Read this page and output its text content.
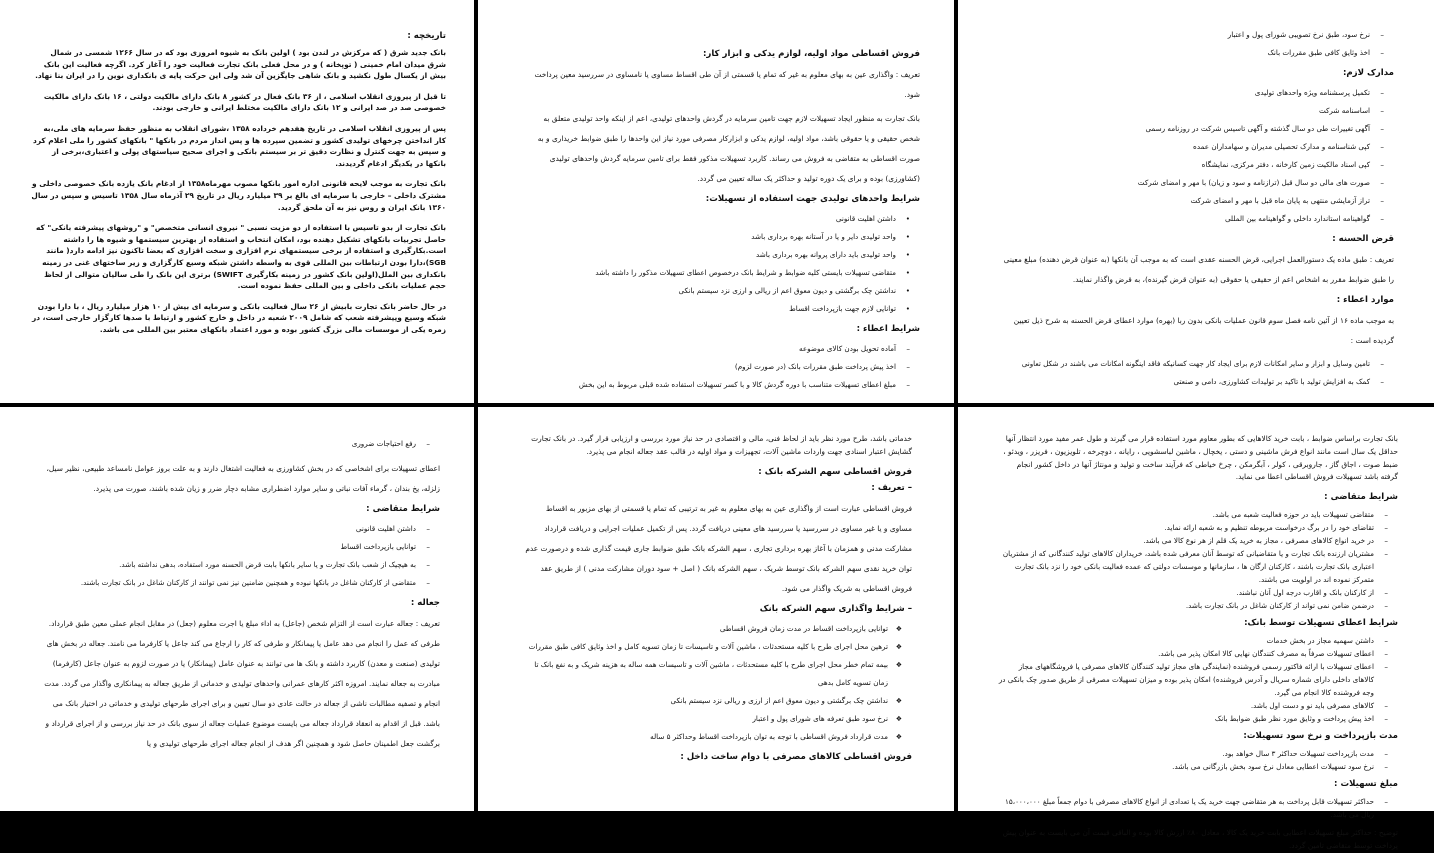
تاریخچه :

بانک جدید شرق ( که مرکزش در لندن بود ) اولین بانک به شیوه امروزی بود که در سال ۱۲۶۶ شمسی در شمال شرق میدان امام خمینی ( توپخانه ) و در محل فعلی بانک تجارت فعالیت خود را آغاز کرد. اگرچه فعالیت این بانک بیش از یکسال طول نکشید و بانک شاهی جایگزین آن شد ولی این حرکت پایه ی بانکداری نوین را در ایران بنا نهاد.

تا قبل از پیروزی انقلاب اسلامی ، از ۳۶ بانک فعال در کشور ۸ بانک دارای مالکیت دولتی ، ۱۶ بانک دارای مالکیت خصوصی صد در صد ایرانی و ۱۲ بانک دارای مالکیت مختلط ایرانی و خارجی بودند.

پس از پیروزی انقلاب اسلامی در تاریخ هفدهم خرداده ۱۳۵۸ ،شورای انقلاب به منظور حفظ سرمایه های ملی،به کار انداختن چرخهای تولیدی کشور و تضمین سپرده ها و پس انداز مردم در بانکها " بانکهای کشور را ملی اعلام کرد و سپس به جهت کنترل و نظارت دقیق تر بر سیستم بانکی و اجرای صحیح سیاستهای پولی و اعتباری،برخی از بانکها در یکدیگر ادغام گردیدند.

بانک تجارت به موجب لایحه قانونی اداره امور بانکها مصوب مهرماه۱۳۵۸ از ادغام بانک یازده بانک خصوصی داخلی و مشترک داخلی – خارجی با سرمایه ای بالغ بر ۳۹ میلیارد ریال در تاریخ ۲۹ آذرماه سال ۱۳۵۸ تاسیس و سپس در سال ۱۳۶۰ بانک ایران و روس نیز به آن ملحق گردید.

بانک تجارت از بدو تاسیس با استفاده از دو مزیت نسبی " نیروی انسانی متخصص" و "روشهای پیشرفته بانکی" که حاصل تجربیات بانکهای تشکیل دهنده بود، امکان انتخاب و استفاده از بهترین سیستمها و شیوه ها را داشته است.بکارگیری و استفاده از برخی سیستمهای نرم افزاری و سخت افزاری که بعضا تاکنون نیز ادامه دارد( مانند SGB)،دارا بودن ارتباطات بین المللی قوی به واسطه داشتن شبکه وسیع کارگزاری و زیر ساختهای غنی در زمینه بانکداری بین الملل(اولین بانک کشور در زمینه بکارگیری SWIFT) برتری این بانک را طی سالیان متوالی از لحاظ حجم عملیات بانکی داخلی و بین المللی حفظ نموده است.

در حال حاضر بانک تجارت بابیش از ۲۶ سال فعالیت بانکی و سرمایه ای بیش از ۱۰ هزار میلیارد ریال ، با دارا بودن شبکه وسیع وپیشرفته شعب که شامل ۲۰۰۹ شعبه در داخل و خارج کشور و ارتباط با صدها کارگزار خارجی است، در زمره یکی از موسسات مالی بزرگ کشور بوده و مورد اعتماد بانکهای معتبر بین المللی می باشد.

فروش اقساطی مواد اولیه، لوازم یدکی و ابزار کار:

تعریف : واگذاری عین به بهای معلوم به غیر که تمام یا قسمتی از آن طی اقساط مساوی یا نامساوی در سررسید معین پرداخت شود.

بانک تجارت به منظور ایجاد تسهیلات لازم جهت تامین سرمایه در گردش واحدهای تولیدی، اعم از اینکه واحد تولیدی متعلق به شخص حقیقی و یا حقوقی باشد، مواد اولیه، لوازم یدکی و ابزارکار مصرفی مورد نیاز این واحدها را طبق ضوابط خریداری و به صورت اقساطی به متقاضی به فروش می رساند. کاربرد تسهیلات مذکور فقط برای تامین سرمایه گردش واحدهای تولیدی (کشاورزی) بوده و برای یک دوره تولید و حداکثر یک ساله تعیین می گردد.

شرایط واحدهای تولیدی جهت استفاده از تسهیلات:
• داشتن اهلیت قانونی
• واحد تولیدی دایر و یا در آستانه بهره برداری باشد
• واحد تولیدی باید دارای پروانه بهره برداری باشد
• متقاضی تسهیلات بایستی کلیه ضوابط و شرایط بانک درخصوص اعطای تسهیلات مذکور را داشته باشد
• نداشتن چک برگشتی و دیون معوق اعم از ریالی و ارزی نزد سیستم بانکی
• توانایی لازم جهت بازپرداخت اقساط
شرایط اعطاء :
– آماده تحویل بودن کالای موضوعه
– اخذ پیش پرداخت طبق مقررات بانک (در صورت لزوم)
– مبلغ اعطای تسهیلات متناسب با دوره گردش کالا و با کسر تسهیلات استفاده شده قبلی مربوط به این بخش
– نرخ سود، طبق نرخ تصویبی شورای پول و اعتبار
– اخذ وثایق کافی طبق مقررات بانک
مدارک لازم:
– تکمیل پرسشنامه ویژه واحدهای تولیدی
– اساسنامه شرکت
– آگهی تغییرات طی دو سال گذشته و آگهی تاسیس شرکت در روزنامه رسمی
– کپی شناسنامه و مدارک تحصیلی مدیران و سهامداران عمده
– کپی اسناد مالکیت زمین کارخانه ، دفتر مرکزی، نمایشگاه
– صورت های مالی دو سال قبل (ترازنامه و سود و زیان) با مهر و امضای شرکت
– تراز آزمایشی منتهی به پایان ماه قبل با مهر و امضای شرکت
– گواهینامه استاندارد داخلی و گواهینامه بین المللی
قرض الحسنه :

تعریف : طبق ماده یک دستورالعمل اجرایی، قرض الحسنه عقدی است که به موجب آن بانکها (به عنوان قرض دهنده) مبلغ معینی را طبق ضوابط مقرر به اشخاص اعم از حقیقی یا حقوقی (به عنوان قرض گیرنده)، به قرض واگذار نمایند.

موارد اعطاء :

به موجب ماده ۱۶ از آئین نامه فصل سوم قانون عملیات بانکی بدون ربا (بهره) موارد اعطای قرض الحسنه به شرح ذیل تعیین گردیده است :

– تامین وسایل و ابزار و سایر امکانات لازم برای ایجاد کار جهت کسانیکه فاقد اینگونه امکانات می باشند در شکل تعاونی
– کمک به افزایش تولید با تاکید بر تولیدات کشاورزی، دامی و صنعتی
– رفع احتیاجات ضروری

اعطای تسهیلات برای اشخاصی که در بخش کشاورزی به فعالیت اشتغال دارند و به علت بروز عوامل نامساعد طبیعی، نظیر سیل، زلزله، یخ بندان ، گرماء آفات نباتی و سایر موارد اضطراری مشابه دچار ضرر و زیان شده باشند، صورت می پذیرد.

شرایط متقاضی :
– داشتن اهلیت قانونی
– توانایی بازپرداخت اقساط
– به هیچیک از شعب بانک تجارت و یا سایر بانکها بابت قرض الحسنه مورد استفاده، بدهی نداشته باشد.
– متقاضی از کارکنان شاغل در بانکها نبوده و همچنین ضامنین نیز نمی توانند از کارکنان شاغل در بانک تجارت باشند.
جعاله :

تعریف : جعاله عبارت است از التزام شخص (جاعل) به اداء مبلغ یا اجرت معلوم (جعل) در مقابل انجام عملی معین طبق قرارداد. طرفی که عمل را انجام می دهد عامل یا پیمانکار و طرفی که کار را ارجاع می کند جاعل یا کارفرما می نامند. جعاله در بخش های تولیدی (صنعت و معدن) کاربرد داشته و بانک ها می توانند به عنوان عامل (پیمانکار) یا در صورت لزوم به عنوان جاعل (کارفرما) مبادرت به جعاله نمایند. امروزه اکثر کارهای عمرانی واحدهای تولیدی و خدماتی از طریق جعاله به پیمانکاری واگذار می گردد. مدت انجام و تصفیه مطالبات ناشی از جعاله در حالت عادی دو سال تعیین و برای اجرای طرحهای تولیدی و خدماتی در اختیار بانک می باشد. قبل از اقدام به انعقاد قرارداد جعاله می بایست موضوع عملیات جعاله از سوی بانک در حد نیاز بررسی و از اجرای قرارداد و برگشت جعل اطمینان حاصل شود و همچنین اگر هدف از انجام جعاله اجرای طرحهای تولیدی و یا

خدماتی باشد، طرح مورد نظر باید از لحاظ فنی، مالی و اقتصادی در حد نیاز مورد بررسی و ارزیابی قرار گیرد. در بانک تجارت گشایش اعتبار اسنادی جهت واردات ماشین آلات، تجهیزات و مواد اولیه در قالب عقد جعاله انجام می پذیرد.

فروش اقساطی سهم الشرکه بانک :
– تعریف :

فروش اقساطی عبارت است از واگذاری عین به بهای معلوم به غیر به ترتیبی که تمام یا قسمتی از بهای مزبور به اقساط مساوی و یا غیر مساوی در سررسید یا سررسید های معینی دریافت گردد. پس از تکمیل عملیات اجرایی و دریافت قرارداد مشارکت مدنی و همزمان با آغاز بهره برداری تجاری ، سهم الشرکه بانک طبق ضوابط جاری قیمت گذاری شده و درصورت عدم توان خرید نقدی سهم الشرکه بانک توسط شریک ، سهم الشرکه بانک ( اصل + سود دوران مشارکت مدنی ) از طریق عقد فروش اقساطی به شریک واگذار می شود.

– شرایط واگذاری سهم الشرکه بانک
❖ توانایی بازپرداخت اقساط در مدت زمان فروش اقساطی
❖ ترهین محل اجرای طرح با کلیه مستحدثات ، ماشین آلات و تاسیسات تا زمان تسویه کامل و اخذ وثایق کافی طبق مقررات
❖ بیمه تمام خطر محل اجرای طرح با کلیه مستحدثات ، ماشین آلات و تاسیسات همه ساله به هزینه شریک و به نفع بانک تا زمان تسویه کامل بدهی
❖ نداشتن چک برگشتی و دیون معوق اعم از ارزی و ریالی نزد سیستم بانکی
❖ نرخ سود طبق تعرفه های شورای پول و اعتبار
❖ مدت قرارداد فروش اقساطی با توجه به توان بازپرداخت اقساط وحداکثر ۵ ساله
فروش اقساطی کالاهای مصرفی با دوام ساخت داخل :

بانک تجارت براساس ضوابط ، بابت خرید کالاهایی که بطور معاوم مورد استفاده قرار می گیرند و طول عمر مفید مورد انتظار آنها حداقل یک سال است مانند انواع فرش ماشینی و دستی ، یخچال ، ماشین لباسشویی ، رایانه ، دوچرخه ، تلویزیون ، فریزر ، ویدئو ، ضبط صوت ، اجاق گاز ، جاروبرقی ، کولر ، آبگرمکن ، چرخ خیاطی که فرآیند ساخت و تولید و مونتاژ آنها در داخل کشور انجام گرفته باشد تسهیلات فروش اقساطی اعطا می نماید.

شرایط متقاضی :
– متقاضی تسهیلات باید در حوزه فعالیت شعبه می باشد.
– تقاضای خود را در برگ درخواست مربوطه تنظیم و به شعبه ارائه نماید.
– در خرید انواع کالاهای مصرفی ، مجاز به خرید یک قلم از هر نوع کالا می باشد.
– مشتریان ارزنده بانک تجارت و یا متقاضیانی که توسط آنان معرفی شده باشد، خریداران کالاهای تولید کنندگانی که از مشتریان اعتباری بانک تجارت باشند ، کارکنان ارگان ها ، سازمانها و موسسات دولتی که عمده فعالیت بانکی خود را نزد بانک تجارت متمرکز نموده اند در اولویت می باشند.
– از کارکنان بانک و اقارب درجه اول آنان نباشند.
– درضمن ضامن نمی تواند از کارکنان شاغل در بانک تجارت باشد.
شرایط اعطای تسهیلات توسط بانک:
– داشتن سهمیه مجاز در بخش خدمات
– اعطای تسهیلات صرفاً به مصرف کنندگان نهایی کالا امکان پذیر می باشد.
– اعطای تسهیلات با ارائه فاکتور رسمی فروشنده (نمایندگی های مجاز تولید کنندگان کالاهای مصرفی یا فروشگاههای مجاز کالاهای داخلی دارای شماره سریال و آدرس فروشنده) امکان پذیر بوده و میزان تسهیلات مصرفی از طریق صدور چک بانکی در وجه فروشنده کالا انجام می گیرد.
– کالاهای مصرفی باید نو و دست اول باشد.
– اخذ پیش پرداخت و وثایق مورد نظر طبق ضوابط بانک
مدت بازپرداخت و نرخ سود تسهیلات:
– مدت بازپرداخت تسهیلات حداکثر ۳ سال خواهد بود.
– نرخ سود تسهیلات اعطایی معادل نرخ سود بخش بازرگانی می باشد.
مبلغ تسهیلات :
– حداکثر تسهیلات قابل پرداخت به هر متقاضی جهت خرید یک یا تعدادی از انواع کالاهای مصرفی با دوام جمعاً مبلغ ۱۵،۰۰۰،۰۰۰ ریال می باشد.

توضیح : حداکثر مبلغ تسهیلات اعطایی بابت خرید یک کالا ، معادل ۸۰٪ ارزش کالا بوده و الباقی قیمت آن می بایست به عنوان پیش پرداخت توسط متقاضی تامین گردد.
